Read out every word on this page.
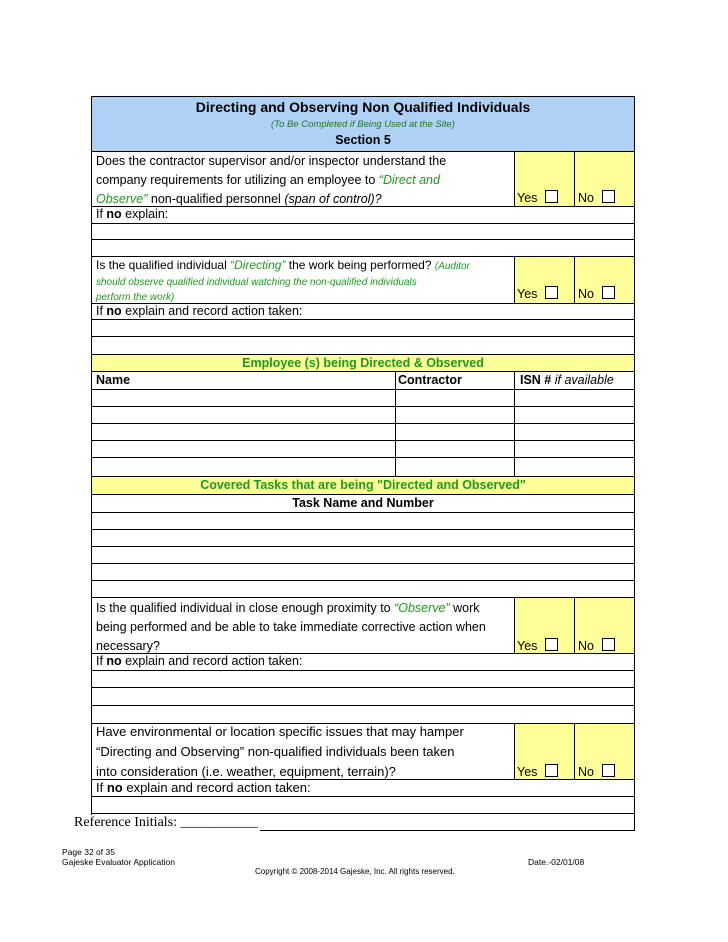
Directing and Observing Non Qualified Individuals
(To Be Completed if Being Used at the Site)
Section 5
Does the contractor supervisor and/or inspector understand the
company requirements for utilizing an employee to “Direct and
Observe” non-qualified personnel (span of control)?	Yes	No
If no explain:
Is the qualified individual “Directing” the work being performed? (Auditor
should observe qualified individual watching the non-qualified individuals
perform the work)	Yes	No
If no explain and record action taken:
Employee (s) being Directed & Observed
Name	Contractor	ISN # if available
Covered Tasks that are being "Directed and Observed"
Task Name and Number
Is the qualified individual in close enough proximity to “Observe” work
being performed and be able to take immediate corrective action when
necessary?	Yes	No
If no explain and record action taken:
Have environmental or location specific issues that may hamper
“Directing and Observing” non-qualified individuals been taken
into consideration (i.e. weather, equipment, terrain)?	Yes	No
If no explain and record action taken:
Reference Initials: ___________
Page 32 of 35
Gajeske Evaluator Application	Date.-02/01/08
Copyright © 2008-2014 Gajeske, Inc. All rights reserved.
